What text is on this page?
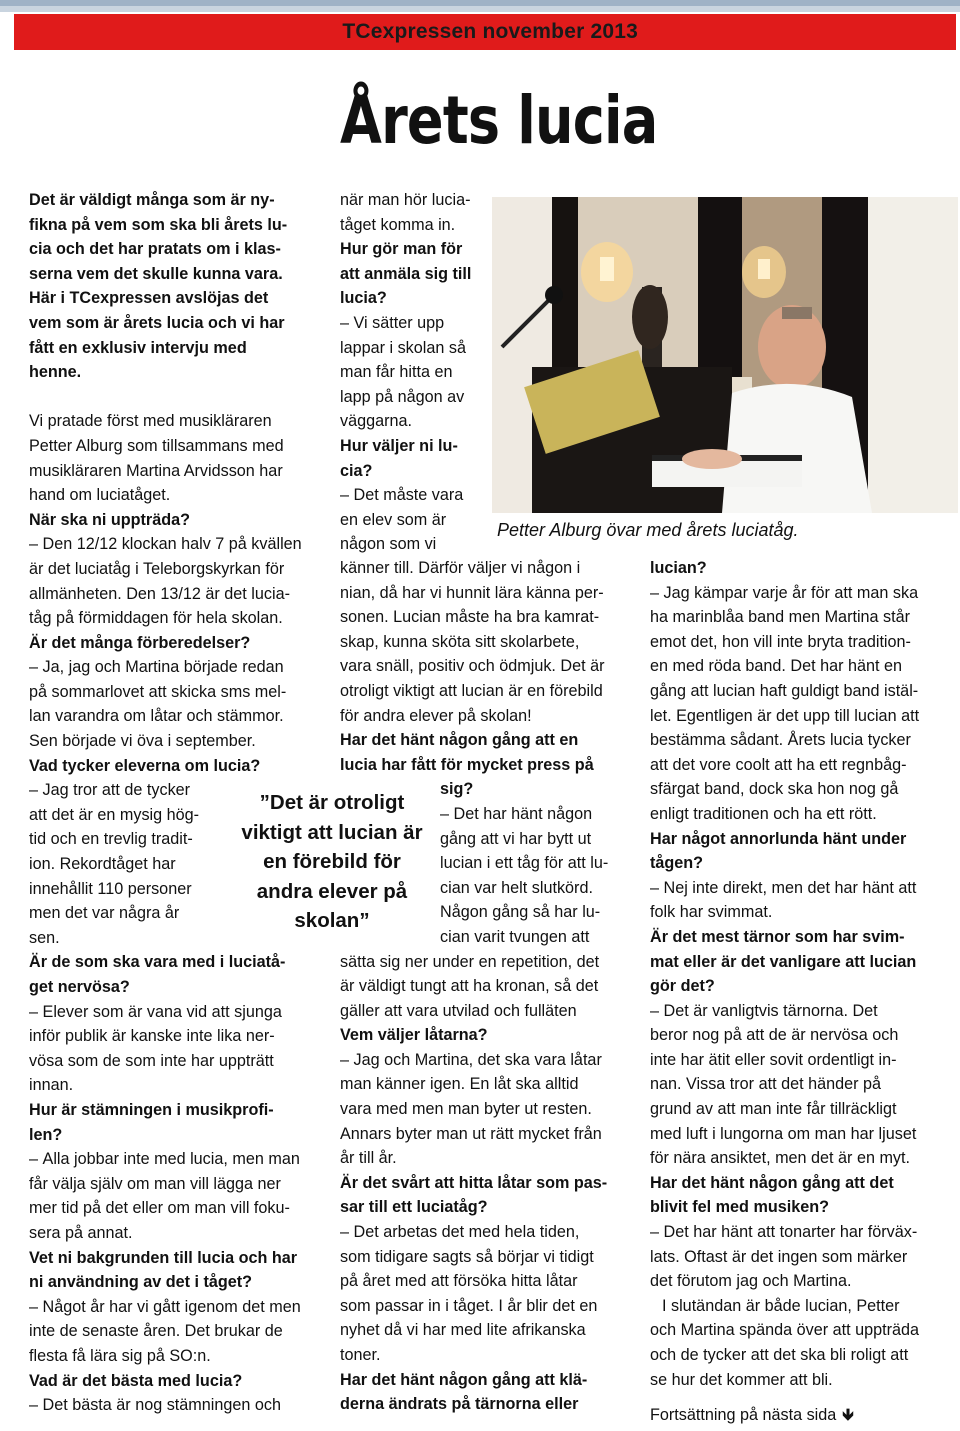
TCexpressen november 2013
Årets lucia

Det är väldigt många som är ny-

fikna på vem som ska bli årets lu-

cia och det har pratats om i klas-

serna vem det skulle kunna vara.

Här i TCexpressen avslöjas det

vem som är årets lucia och vi har

fått en exklusiv intervju med

henne.

Vi pratade först med musikläraren

Petter Alburg som tillsammans med

musikläraren Martina Arvidsson har

hand om luciatåget.

När ska ni uppträda?

– Den 12/12 klockan halv 7 på kvällen

är det luciatåg i Teleborgskyrkan för

allmänheten. Den 13/12 är det lucia-

tåg på förmiddagen för hela skolan.

Är det många förberedelser?

– Ja, jag och Martina började redan

på sommarlovet att skicka sms mel-

lan varandra om låtar och stämmor.

Sen började vi öva i september.

Vad tycker eleverna om lucia?

– Jag tror att de tycker

att det är en mysig hög-

tid och en trevlig tradit-

ion. Rekordtåget har

innehållit 110 personer

men det var några år

sen.

Är de som ska vara med i luciatå-

get nervösa?

– Elever som är vana vid att sjunga

inför publik är kanske inte lika ner-

vösa som de som inte har uppträtt

innan.

Hur är stämningen i musikprofi-

len?

– Alla jobbar inte med lucia, men man

får välja själv om man vill lägga ner

mer tid på det eller om man vill foku-

sera på annat.

Vet ni bakgrunden till lucia och har

ni användning av det i tåget?

– Något år har vi gått igenom det men

inte de senaste åren. Det brukar de

flesta få lära sig på SO:n.

Vad är det bästa med lucia?

– Det bästa är nog stämningen och

när man hör lucia-

tåget komma in.

Hur gör man för

att anmäla sig till

lucia?

– Vi sätter upp

lappar i skolan så

man får hitta en

lapp på någon av

väggarna.

Hur väljer ni lu-

cia?

– Det måste vara

en elev som är

någon som vi

känner till. Därför väljer vi någon i

nian, då har vi hunnit lära känna per-

sonen. Lucian måste ha bra kamrat-

skap, kunna sköta sitt skolarbete,

vara snäll, positiv och ödmjuk. Det är

otroligt viktigt att lucian är en förebild

för andra elever på skolan!

Har det hänt någon gång att en

lucia har fått för mycket press på

sig?

– Det har hänt någon

gång att vi har bytt ut

lucian i ett tåg för att lu-

cian var helt slutkörd.

Någon gång så har lu-

cian varit tvungen att

sätta sig ner under en repetition, det

är väldigt tungt att ha kronan, så det

gäller att vara utvilad och fulläten

Vem väljer låtarna?

– Jag och Martina, det ska vara låtar

man känner igen. En låt ska alltid

vara med men man byter ut resten.

Annars byter man ut rätt mycket från

år till år.

Är det svårt att hitta låtar som pas-

sar till ett luciatåg?

– Det arbetas det med hela tiden,

som tidigare sagts så börjar vi tidigt

på året med att försöka hitta låtar

som passar in i tåget. I år blir det en

nyhet då vi har med lite afrikanska

toner.

Har det hänt någon gång att klä-

derna ändrats på tärnorna eller

lucian?

– Jag kämpar varje år för att man ska

ha marinblåa band men Martina står

emot det, hon vill inte bryta tradition-

en med röda band. Det har hänt en

gång att lucian haft guldigt band istäl-

let. Egentligen är det upp till lucian att

bestämma sådant. Årets lucia tycker

att det vore coolt att ha ett regnbåg-

sfärgat band, dock ska hon nog gå

enligt traditionen och ha ett rött.

Har något annorlunda hänt under

tågen?

– Nej inte direkt, men det har hänt att

folk har svimmat.

Är det mest tärnor som har svim-

mat eller är det vanligare att lucian

gör det?

– Det är vanligtvis tärnorna. Det

beror nog på att de är nervösa och

inte har ätit eller sovit ordentligt in-

nan. Vissa tror att det händer på

grund av att man inte får tillräckligt

med luft i lungorna om man har ljuset

för nära ansiktet, men det är en myt.

Har det hänt någon gång att det

blivit fel med musiken?

– Det har hänt att tonarter har förväx-

lats. Oftast är det ingen som märker

det förutom jag och Martina.

I slutändan är både lucian, Petter

och Martina spända över att uppträda

och de tycker att det ska bli roligt att

se hur det kommer att bli.

Petter Alburg övar med årets luciatåg.
”Det är otroligt
viktigt att lucian är
en förebild för
andra elever på
skolan”
Fortsättning på nästa sida 🡻
